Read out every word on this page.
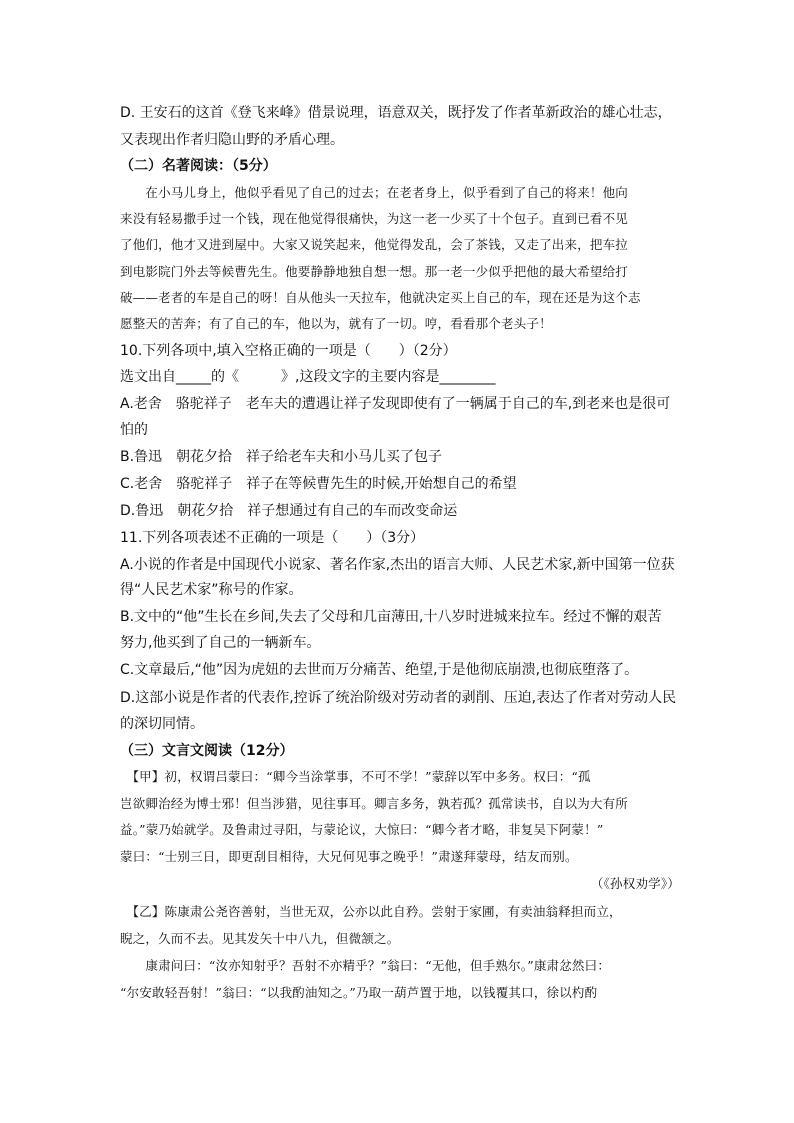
D. 王安石的这首《登飞来峰》借景说理，语意双关，既抒发了作者革新政治的雄心壮志，
又表现出作者归隐山野的矛盾心理。
（二）名著阅读：（5分）
　　在小马儿身上，他似乎看见了自己的过去；在老者身上，似乎看到了自己的将来！他向
来没有轻易撒手过一个钱，现在他觉得很痛快，为这一老一少买了十个包子。直到已看不见
了他们，他才又进到屋中。大家又说笑起来，他觉得发乱，会了茶钱，又走了出来，把车拉
到电影院门外去等候曹先生。他要静静地独自想一想。那一老一少似乎把他的最大希望给打
破——老者的车是自己的呀！自从他头一天拉车，他就决定买上自己的车，现在还是为这个志
愿整天的苦奔；有了自己的车，他以为，就有了一切。哼，看看那个老头子！
10.下列各项中,填入空格正确的一项是（　　）（2分）
选文出自_____的《　　　》,这段文字的主要内容是________
A.老舍　骆驼祥子　老车夫的遭遇让祥子发现即使有了一辆属于自己的车,到老来也是很可
怕的
B.鲁迅　朝花夕拾　祥子给老车夫和小马儿买了包子
C.老舍　骆驼祥子　祥子在等候曹先生的时候,开始想自己的希望
D.鲁迅　朝花夕拾　祥子想通过有自己的车而改变命运
11.下列各项表述不正确的一项是（　　）（3分）
A.小说的作者是中国现代小说家、著名作家,杰出的语言大师、人民艺术家,新中国第一位获
得“人民艺术家”称号的作家。
B.文中的“他”生长在乡间,失去了父母和几亩薄田,十八岁时进城来拉车。经过不懈的艰苦
努力,他买到了自己的一辆新车。
C.文章最后,“他”因为虎妞的去世而万分痛苦、绝望,于是他彻底崩溃,也彻底堕落了。
D.这部小说是作者的代表作,控诉了统治阶级对劳动者的剥削、压迫,表达了作者对劳动人民
的深切同情。
（三）文言文阅读（12分）
　【甲】初，权谓吕蒙曰：“卿今当涂掌事，不可不学！”蒙辞以军中多务。权曰：“孤
岂欲卿治经为博士邪！但当涉猎，见往事耳。卿言多务，孰若孤？孤常读书，自以为大有所
益。”蒙乃始就学。及鲁肃过寻阳，与蒙论议，大惊曰：“卿今者才略，非复吴下阿蒙！”
蒙曰：“士别三日，即更刮目相待，大兄何见事之晚乎！”肃遂拜蒙母，结友而别。
（《孙权劝学》）
　【乙】陈康肃公尧咨善射，当世无双，公亦以此自矜。尝射于家圃，有卖油翁释担而立，
睨之，久而不去。见其发矢十中八九，但微颔之。
　　康肃问曰：“汝亦知射乎？吾射不亦精乎？”翁曰：“无他，但手熟尔。”康肃忿然曰：
“尔安敢轻吾射！”翁曰：“以我酌油知之。”乃取一葫芦置于地，以钱覆其口，徐以杓酌
